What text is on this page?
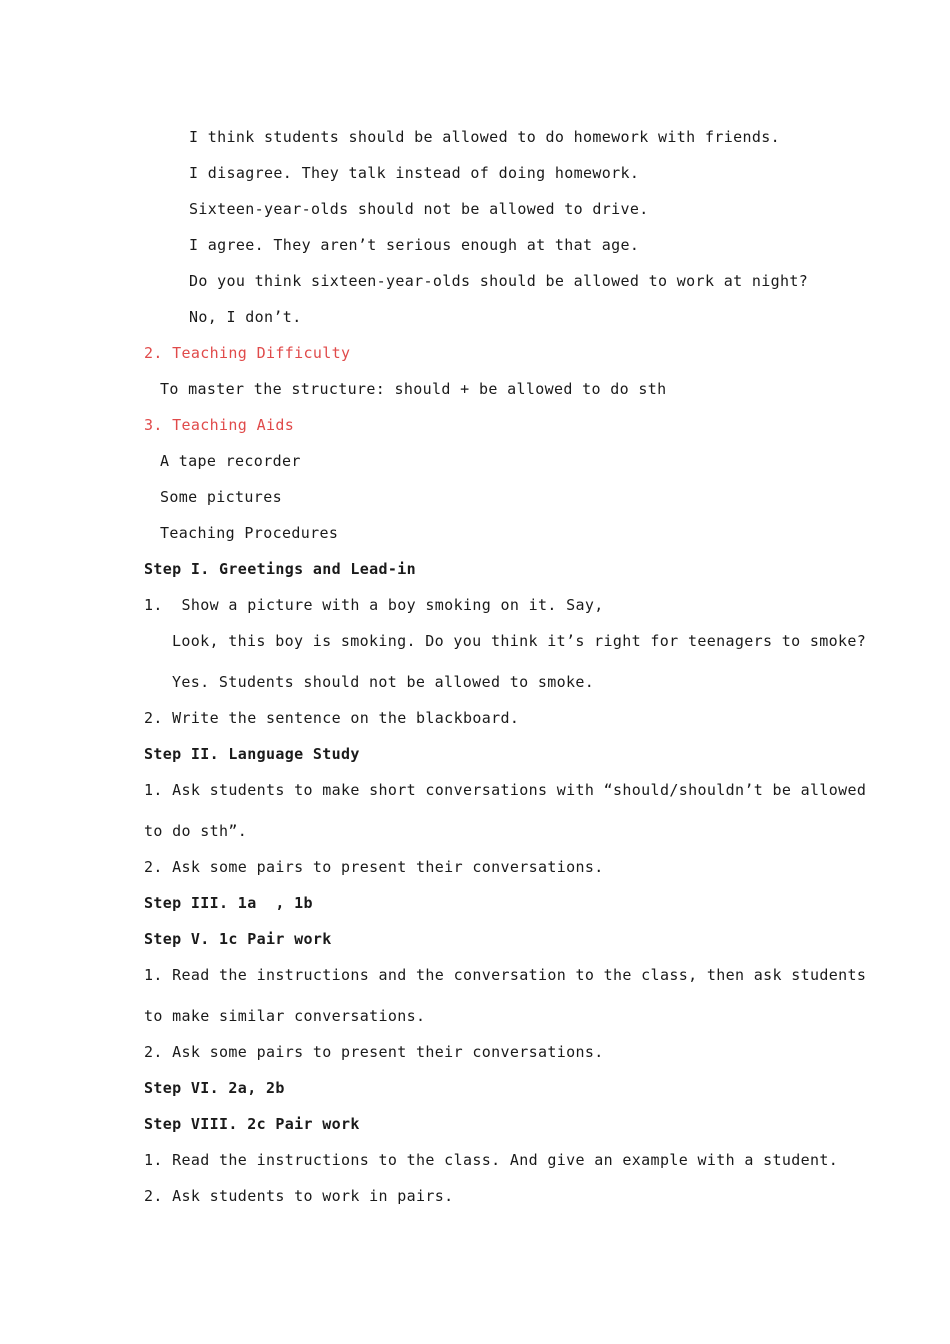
I think students should be allowed to do homework with friends.
I disagree. They talk instead of doing homework.
Sixteen-year-olds should not be allowed to drive.
I agree. They aren’t serious enough at that age.
Do you think sixteen-year-olds should be allowed to work at night?
No, I don’t.
2. Teaching Difficulty
To master the structure: should + be allowed to do sth
3. Teaching Aids
A tape recorder
Some pictures
Teaching Procedures
Step I. Greetings and Lead-in
1.  Show a picture with a boy smoking on it. Say,
Look, this boy is smoking. Do you think it’s right for teenagers to smoke?
Yes. Students should not be allowed to smoke.
2. Write the sentence on the blackboard.
Step II. Language Study
1. Ask students to make short conversations with “should/shouldn’t be allowed
to do sth”.
2. Ask some pairs to present their conversations.
Step III. 1a  , 1b
Step V. 1c Pair work
1. Read the instructions and the conversation to the class, then ask students
to make similar conversations.
2. Ask some pairs to present their conversations.
Step VI. 2a, 2b
Step VIII. 2c Pair work
1. Read the instructions to the class. And give an example with a student.
2. Ask students to work in pairs.
